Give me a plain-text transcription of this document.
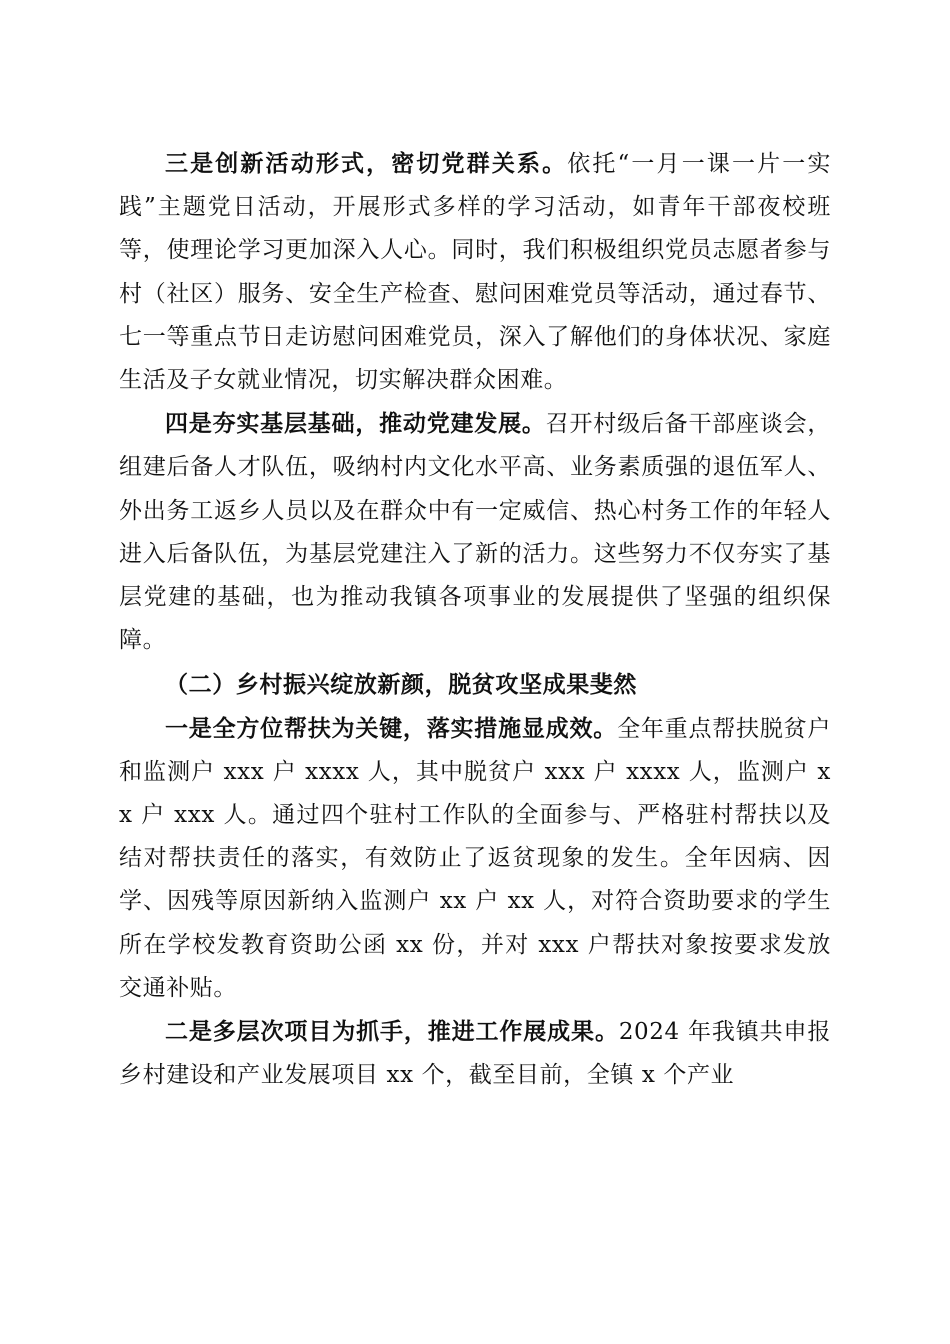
三是创新活动形式，密切党群关系。依托“一月一课一片一实践”主题党日活动，开展形式多样的学习活动，如青年干部夜校班等，使理论学习更加深入人心。同时，我们积极组织党员志愿者参与村（社区）服务、安全生产检查、慰问困难党员等活动，通过春节、七一等重点节日走访慰问困难党员，深入了解他们的身体状况、家庭生活及子女就业情况，切实解决群众困难。

四是夯实基层基础，推动党建发展。召开村级后备干部座谈会，组建后备人才队伍，吸纳村内文化水平高、业务素质强的退伍军人、外出务工返乡人员以及在群众中有一定威信、热心村务工作的年轻人进入后备队伍，为基层党建注入了新的活力。这些努力不仅夯实了基层党建的基础，也为推动我镇各项事业的发展提供了坚强的组织保障。

（二）乡村振兴绽放新颜，脱贫攻坚成果斐然

一是全方位帮扶为关键，落实措施显成效。全年重点帮扶脱贫户和监测户 xxx 户 xxxx 人，其中脱贫户 xxx 户 xxxx 人，监测户 xx 户 xxx 人。通过四个驻村工作队的全面参与、严格驻村帮扶以及结对帮扶责任的落实，有效防止了返贫现象的发生。全年因病、因学、因残等原因新纳入监测户 xx 户 xx 人，对符合资助要求的学生所在学校发教育资助公函 xx 份，并对 xxx 户帮扶对象按要求发放交通补贴。

二是多层次项目为抓手，推进工作展成果。2024 年我镇共申报乡村建设和产业发展项目 xx 个，截至目前，全镇 x 个产业
